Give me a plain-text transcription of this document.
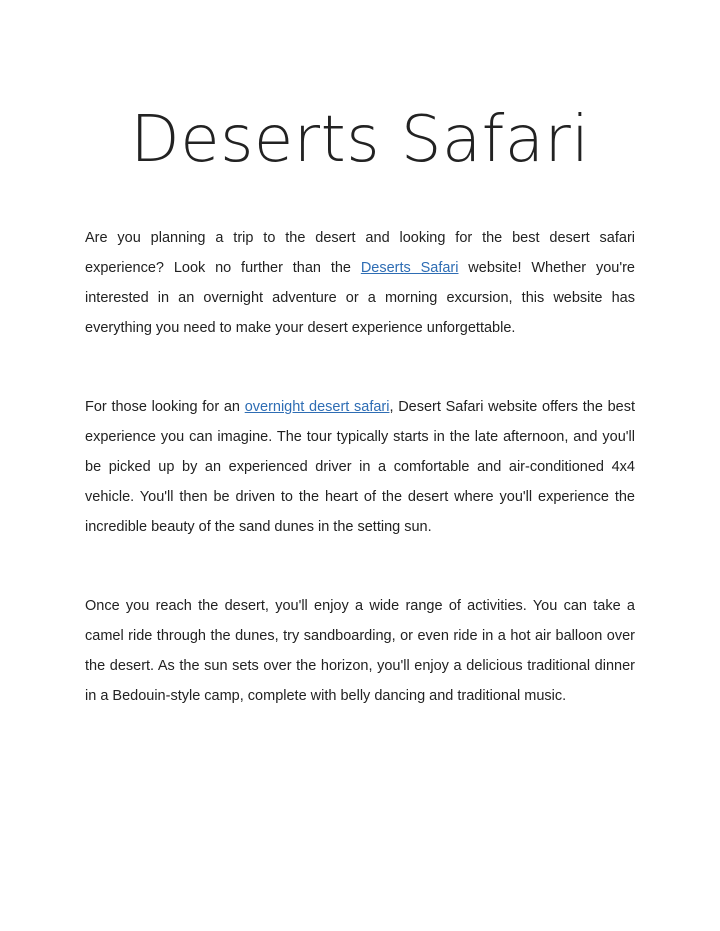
Deserts Safari

Are you planning a trip to the desert and looking for the best desert safari experience? Look no further than the Deserts Safari website! Whether you're interested in an overnight adventure or a morning excursion, this website has everything you need to make your desert experience unforgettable.

For those looking for an overnight desert safari, Desert Safari website offers the best experience you can imagine. The tour typically starts in the late afternoon, and you'll be picked up by an experienced driver in a comfortable and air-conditioned 4x4 vehicle. You'll then be driven to the heart of the desert where you'll experience the incredible beauty of the sand dunes in the setting sun.

Once you reach the desert, you'll enjoy a wide range of activities. You can take a camel ride through the dunes, try sandboarding, or even ride in a hot air balloon over the desert. As the sun sets over the horizon, you'll enjoy a delicious traditional dinner in a Bedouin-style camp, complete with belly dancing and traditional music.
